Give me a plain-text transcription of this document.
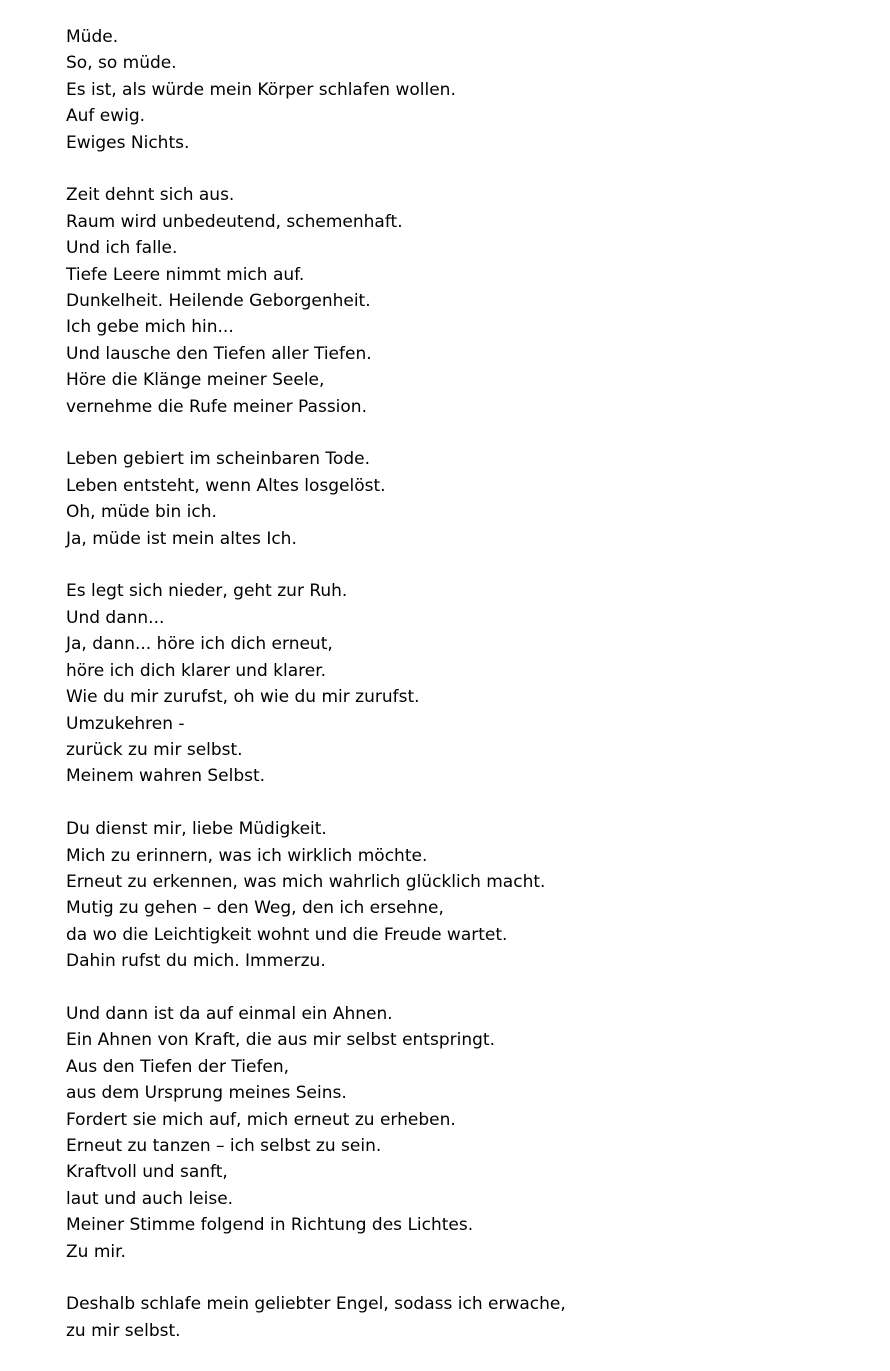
Müde.
So, so müde.
Es ist, als würde mein Körper schlafen wollen.
Auf ewig.
Ewiges Nichts.
Zeit dehnt sich aus.
Raum wird unbedeutend, schemenhaft.
Und ich falle.
Tiefe Leere nimmt mich auf.
Dunkelheit. Heilende Geborgenheit.
Ich gebe mich hin...
Und lausche den Tiefen aller Tiefen.
Höre die Klänge meiner Seele,
vernehme die Rufe meiner Passion.
Leben gebiert im scheinbaren Tode.
Leben entsteht, wenn Altes losgelöst.
Oh, müde bin ich.
Ja, müde ist mein altes Ich.
Es legt sich nieder, geht zur Ruh.
Und dann...
Ja, dann... höre ich dich erneut,
höre ich dich klarer und klarer.
Wie du mir zurufst, oh wie du mir zurufst.
Umzukehren -
zurück zu mir selbst.
Meinem wahren Selbst.
Du dienst mir, liebe Müdigkeit.
Mich zu erinnern, was ich wirklich möchte.
Erneut zu erkennen, was mich wahrlich glücklich macht.
Mutig zu gehen – den Weg, den ich ersehne,
da wo die Leichtigkeit wohnt und die Freude wartet.
Dahin rufst du mich. Immerzu.
Und dann ist da auf einmal ein Ahnen.
Ein Ahnen von Kraft, die aus mir selbst entspringt.
Aus den Tiefen der Tiefen,
aus dem Ursprung meines Seins.
Fordert sie mich auf, mich erneut zu erheben.
Erneut zu tanzen – ich selbst zu sein.
Kraftvoll und sanft,
laut und auch leise.
Meiner Stimme folgend in Richtung des Lichtes.
Zu mir.
Deshalb schlafe mein geliebter Engel, sodass ich erwache,
zu mir selbst.
